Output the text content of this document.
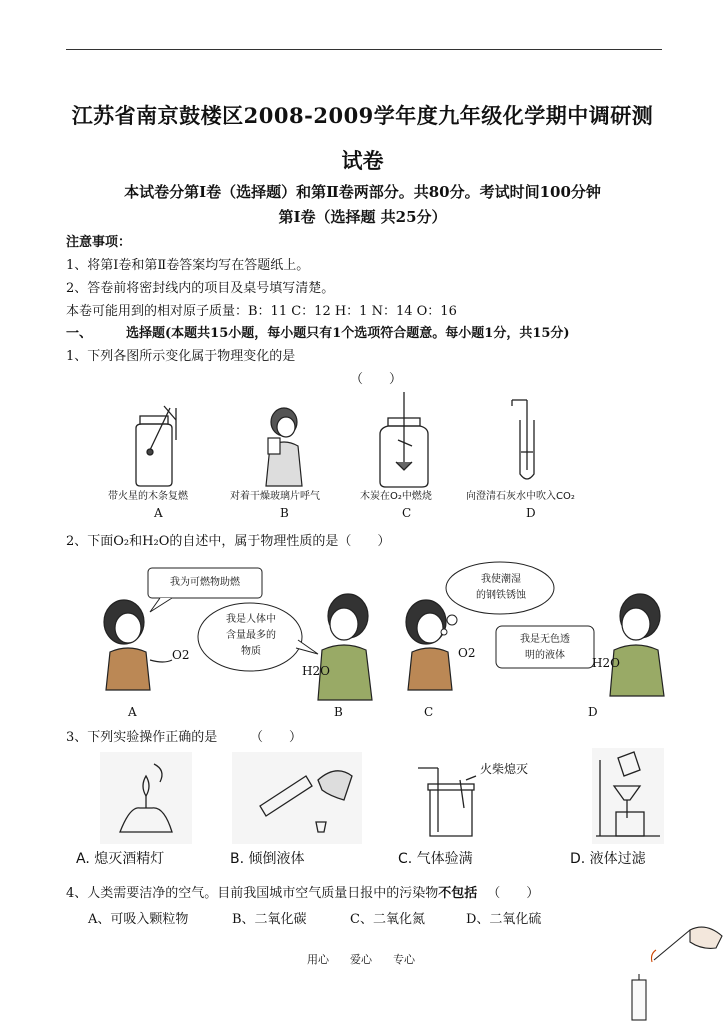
江苏省南京鼓楼区2008-2009学年度九年级化学期中调研测
试卷
本试卷分第Ⅰ卷（选择题）和第Ⅱ卷两部分。共80分。考试时间100分钟
第Ⅰ卷（选择题 共25分）
注意事项：
1、将第Ⅰ卷和第Ⅱ卷答案均写在答题纸上。
2、答卷前将密封线内的项目及桌号填写清楚。
本卷可能用到的相对原子质量：B：11 C：12 H：1 N：14 O：16
一、	选择题(本题共15小题，每小题只有1个选项符合题意。每小题1分，共15分)
1、下列各图所示变化属于物理变化的是
（　　）
带火星的木条复燃	对着干燥玻璃片呼气	木炭在O₂中燃烧	向澄清石灰水中吹入CO₂
A	B	C	D
2、下面O₂和H₂O的自述中，属于物理性质的是（　　）
我为可燃物助燃
我是人体中
含量最多的
物质
我使潮湿
的钢铁锈蚀
我是无色透
明的液体
O2
H2O
O2
H2O
A	B	C	D
3、下列实验操作正确的是	（　　）
火柴熄灭
A. 熄灭酒精灯	B. 倾倒液体	C. 气体验满	D. 液体过滤
4、人类需要洁净的空气。目前我国城市空气质量日报中的污染物不包括 （　　）
A、可吸入颗粒物	B、二氧化碳	C、二氧化氮	D、二氧化硫
用心 爱心 专心
